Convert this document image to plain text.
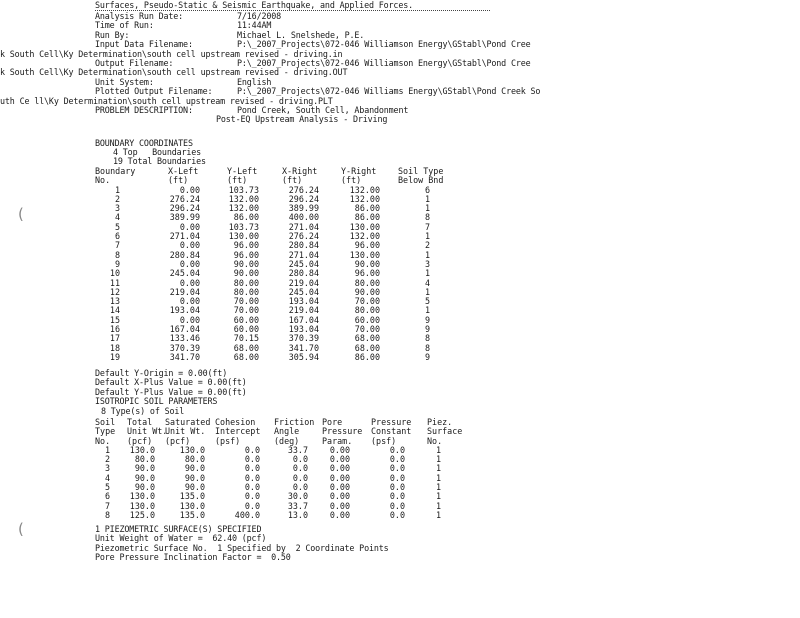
Surfaces, Pseudo-Static & Seismic Earthquake, and Applied Forces.
Analysis Run Date:	7/16/2008
Time of Run:	11:44AM
Run By:	Michael L. Snelshede, P.E.
Input Data Filename:	P:\_2007_Projects\072-046 Williamson Energy\GStabl\Pond Cree
k South Cell\Ky Determination\south cell upstream revised - driving.in
Output Filename:	P:\_2007_Projects\072-046 Williamson Energy\GStabl\Pond Cree
k South Cell\Ky Determination\south cell upstream revised - driving.OUT
Unit System:	English
Plotted Output Filename:	P:\_2007_Projects\072-046 Williams Energy\GStabl\Pond Creek So
uth Ce ll\Ky Determination\south cell upstream revised - driving.PLT
PROBLEM DESCRIPTION:	Pond Creek, South Cell, Abandonment
Post-EQ Upstream Analysis - Driving
BOUNDARY COORDINATES
4 Top   Boundaries
19 Total Boundaries
Boundary	X-Left	Y-Left	X-Right	Y-Right	Soil Type
No.	(ft)	(ft)	(ft)	(ft)	Below Bnd
1	0.00	103.73	276.24	132.00	6
2	276.24	132.00	296.24	132.00	1
3	296.24	132.00	389.99	86.00	1
4	389.99	86.00	400.00	86.00	8
5	0.00	103.73	271.04	130.00	7
6	271.04	130.00	276.24	132.00	1
7	0.00	96.00	280.84	96.00	2
8	280.84	96.00	271.04	130.00	1
9	0.00	90.00	245.04	90.00	3
10	245.04	90.00	280.84	96.00	1
11	0.00	80.00	219.04	80.00	4
12	219.04	80.00	245.04	90.00	1
13	0.00	70.00	193.04	70.00	5
14	193.04	70.00	219.04	80.00	1
15	0.00	60.00	167.04	60.00	9
16	167.04	60.00	193.04	70.00	9
17	133.46	70.15	370.39	68.00	8
18	370.39	68.00	341.70	68.00	8
19	341.70	68.00	305.94	86.00	9
Default Y-Origin = 0.00(ft)
Default X-Plus Value = 0.00(ft)
Default Y-Plus Value = 0.00(ft)
ISOTROPIC SOIL PARAMETERS
8 Type(s) of Soil
Soil Total Saturated Cohesion Friction Pore	Pressure Piez.
Type Unit Wt.
Unit Wt. Intercept Angle	Pressure Constant Surface
No. (pcf) (pcf)	(psf)	(deg)	Param. (psf)	No.
1	130.0	130.0	0.0	33.7	0.00	0.0	1
2	80.0	80.0	0.0	0.0	0.00	0.0	1
3	90.0	90.0	0.0	0.0	0.00	0.0	1
4	90.0	90.0	0.0	0.0	0.00	0.0	1
5	90.0	90.0	0.0	0.0	0.00	0.0	1
6	130.0	135.0	0.0	30.0	0.00	0.0	1
7	130.0	130.0	0.0	33.7	0.00	0.0	1
8	125.0	135.0	400.0	13.0	0.00	0.0	1
1 PIEZOMETRIC SURFACE(S) SPECIFIED
Unit Weight of Water =  62.40 (pcf)
Piezometric Surface No.  1 Specified by  2 Coordinate Points
Pore Pressure Inclination Factor =  0.50
(
(
